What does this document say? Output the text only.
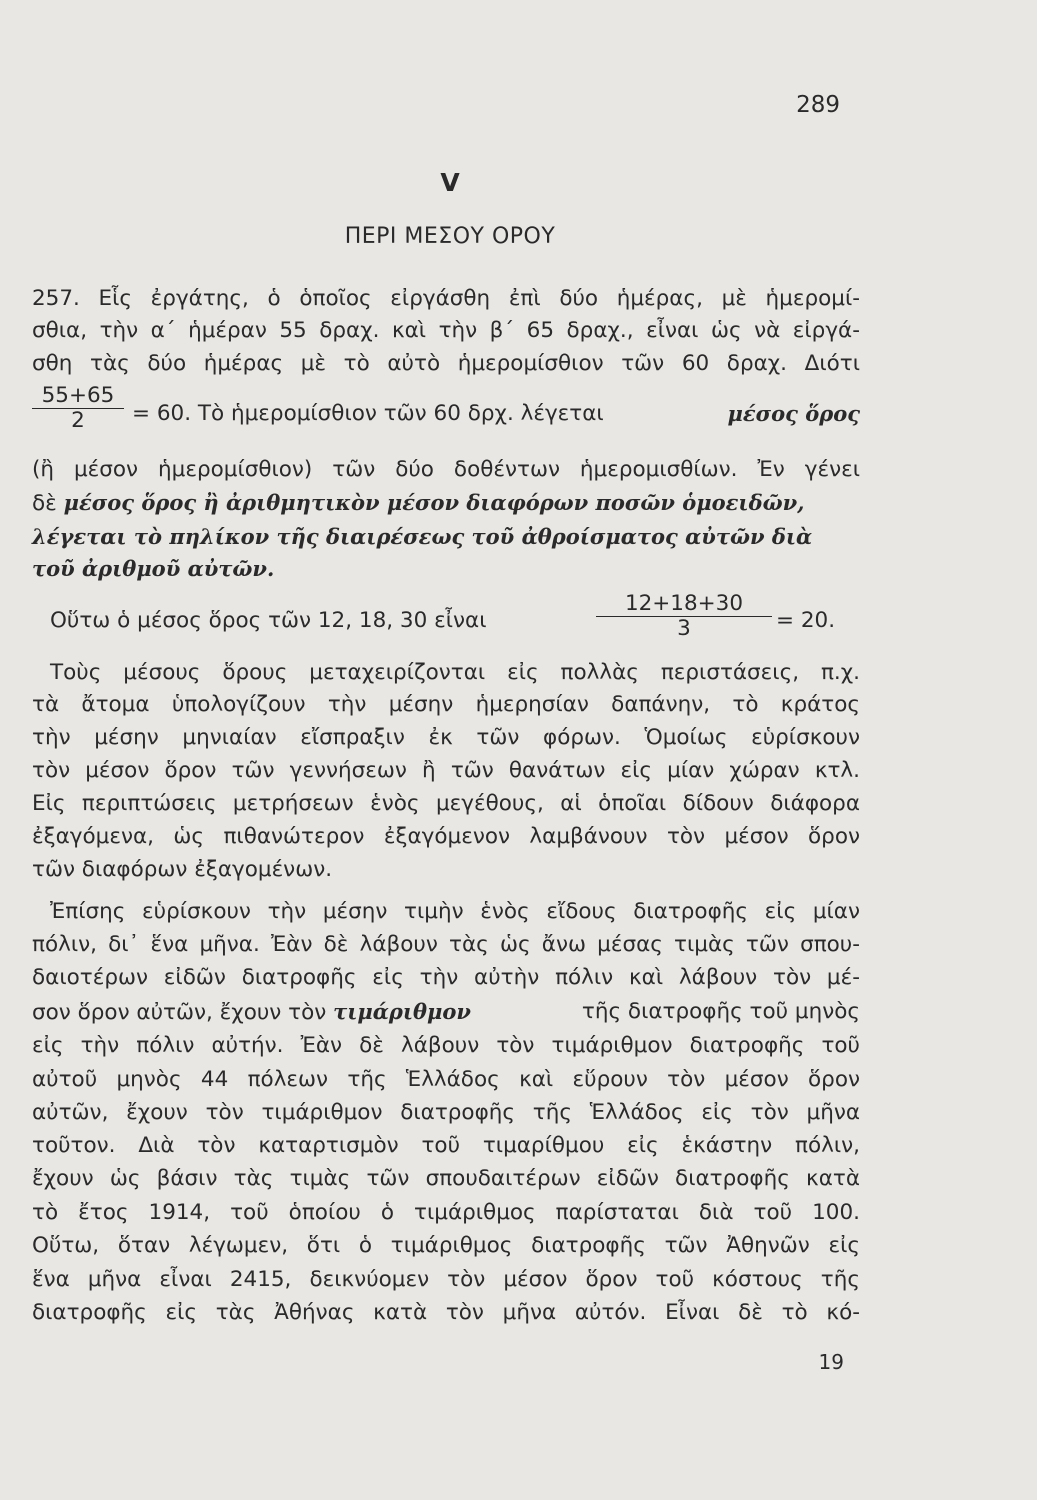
289
V
ΠΕΡΙ ΜΕΣΟΥ ΟΡΟΥ
257. Εἷς ἐργάτης, ὁ ὁποῖος εἰργάσθη ἐπὶ δύο ἡμέρας, μὲ ἡμερομί-
σθια, τὴν α΄ ἡμέραν 55 δραχ. καὶ τὴν β΄ 65 δραχ., εἶναι ὡς νὰ εἰργά-
σθη τὰς δύο ἡμέρας μὲ τὸ αὐτὸ ἡμερομίσθιον τῶν 60 δραχ. Διότι
55+65
2	= 60. Τὸ ἡμερομίσθιον τῶν 60 δρχ. λέγεται	μέσος ὅρος
(ἢ μέσον ἡμερομίσθιον) τῶν δύο δοθέντων ἡμερομισθίων. Ἐν γένει
δὲ μέσος ὅρος ἢ ἀριθμητικὸν μέσον διαφόρων ποσῶν ὁμοειδῶν,
λέγεται τὸ πηλίκον τῆς διαιρέσεως τοῦ ἀθροίσματος αὐτῶν διὰ
τοῦ ἀριθμοῦ αὐτῶν.
Οὕτω ὁ μέσος ὅρος τῶν 12, 18, 30 εἶναι
12+18+30
3	= 20.
Τοὺς μέσους ὅρους μεταχειρίζονται εἰς πολλὰς περιστάσεις, π.χ.
τὰ ἄτομα ὑπολογίζουν τὴν μέσην ἡμερησίαν δαπάνην, τὸ κράτος
τὴν μέσην μηνιαίαν εἴσπραξιν ἐκ τῶν φόρων. Ὁμοίως εὑρίσκουν
τὸν μέσον ὅρον τῶν γεννήσεων ἢ τῶν θανάτων εἰς μίαν χώραν κτλ.
Εἰς περιπτώσεις μετρήσεων ἑνὸς μεγέθους, αἱ ὁποῖαι δίδουν διάφορα
ἐξαγόμενα, ὡς πιθανώτερον ἐξαγόμενον λαμβάνουν τὸν μέσον ὅρον
τῶν διαφόρων ἐξαγομένων.
Ἐπίσης εὑρίσκουν τὴν μέσην τιμὴν ἑνὸς εἴδους διατροφῆς εἰς μίαν
πόλιν, δι᾿ ἕνα μῆνα. Ἐὰν δὲ λάβουν τὰς ὡς ἄνω μέσας τιμὰς τῶν σπου-
δαιοτέρων εἰδῶν διατροφῆς εἰς τὴν αὐτὴν πόλιν καὶ λάβουν τὸν μέ-
σον ὅρον αὐτῶν, ἔχουν τὸν τιμάριθμον	τῆς διατροφῆς τοῦ μηνὸς
εἰς τὴν πόλιν αὐτήν. Ἐὰν δὲ λάβουν τὸν τιμάριθμον διατροφῆς τοῦ
αὐτοῦ μηνὸς 44 πόλεων τῆς Ἑλλάδος καὶ εὕρουν τὸν μέσον ὅρον
αὐτῶν, ἔχουν τὸν τιμάριθμον διατροφῆς τῆς Ἑλλάδος εἰς τὸν μῆνα
τοῦτον. Διὰ τὸν καταρτισμὸν τοῦ τιμαρίθμου εἰς ἑκάστην πόλιν,
ἔχουν ὡς βάσιν τὰς τιμὰς τῶν σπουδαιτέρων εἰδῶν διατροφῆς κατὰ
τὸ ἔτος 1914, τοῦ ὁποίου ὁ τιμάριθμος παρίσταται διὰ τοῦ 100.
Οὕτω, ὅταν λέγωμεν, ὅτι ὁ τιμάριθμος διατροφῆς τῶν Ἀθηνῶν εἰς
ἕνα μῆνα εἶναι 2415, δεικνύομεν τὸν μέσον ὅρον τοῦ κόστους τῆς
διατροφῆς εἰς τὰς Ἀθήνας κατὰ τὸν μῆνα αὐτόν. Εἶναι δὲ τὸ κό-
19
